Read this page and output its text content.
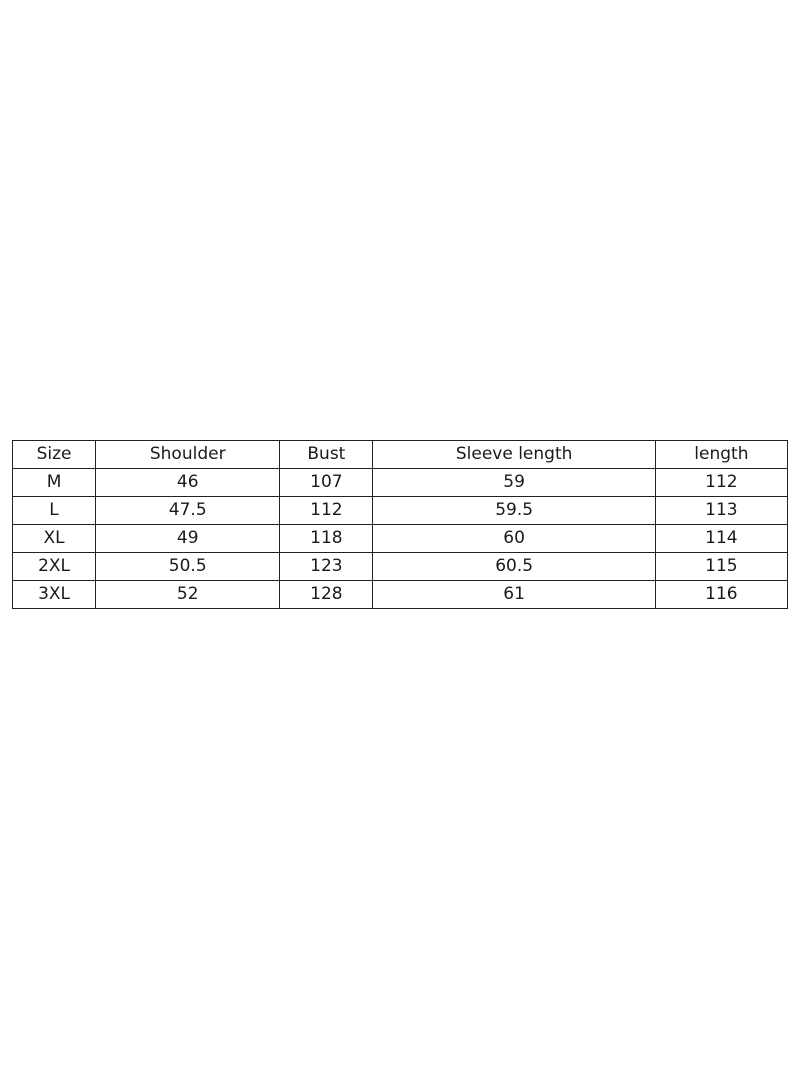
Size	Shoulder	Bust	Sleeve length	length
M	46	107	59	112
L	47.5	112	59.5	113
XL	49	118	60	114
2XL	50.5	123	60.5	115
3XL	52	128	61	116
